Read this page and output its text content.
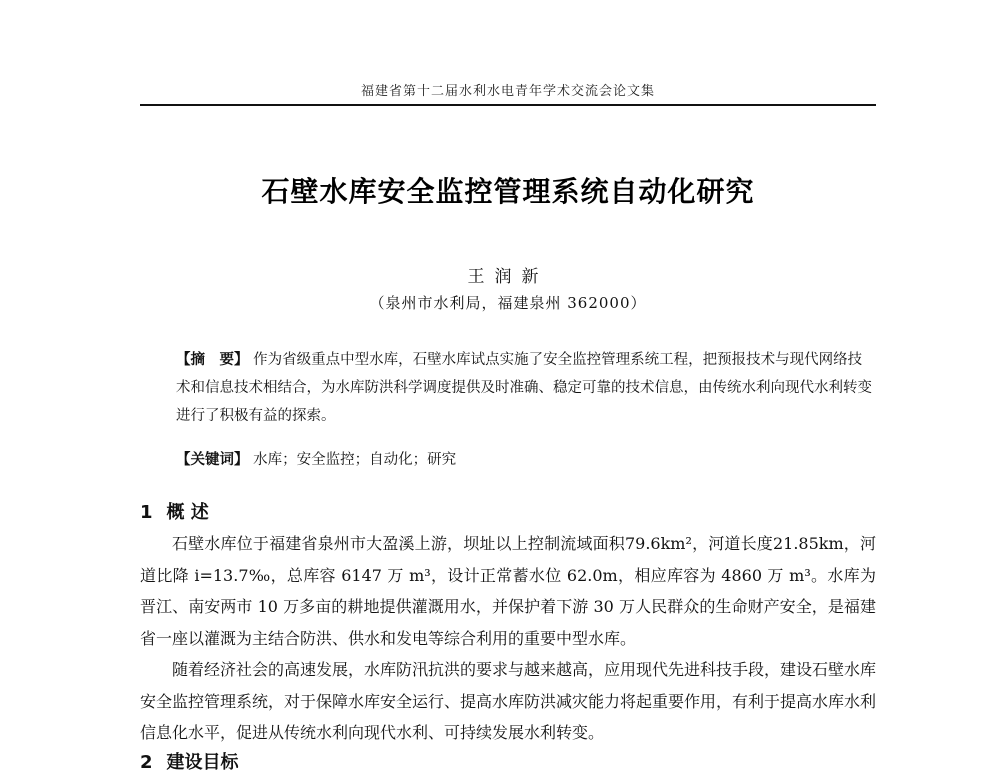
福建省第十二届水利水电青年学术交流会论文集
石壁水库安全监控管理系统自动化研究
王润新
（泉州市水利局，福建泉州 362000）
【摘　要】 作为省级重点中型水库，石壁水库试点实施了安全监控管理系统工程，把预报技术与现代网络技术和信息技术相结合，为水库防洪科学调度提供及时准确、稳定可靠的技术信息，由传统水利向现代水利转变进行了积极有益的探索。
【关键词】 水库；安全监控；自动化；研究
1 概 述
石壁水库位于福建省泉州市大盈溪上游，坝址以上控制流域面积79.6km²，河道长度21.85km，河道比降 i=13.7‰，总库容 6147 万 m³，设计正常蓄水位 62.0m，相应库容为 4860 万 m³。水库为晋江、南安两市 10 万多亩的耕地提供灌溉用水，并保护着下游 30 万人民群众的生命财产安全，是福建省一座以灌溉为主结合防洪、供水和发电等综合利用的重要中型水库。
随着经济社会的高速发展，水库防汛抗洪的要求与越来越高，应用现代先进科技手段，建设石壁水库安全监控管理系统，对于保障水库安全运行、提高水库防洪减灾能力将起重要作用，有利于提高水库水利信息化水平，促进从传统水利向现代水利、可持续发展水利转变。
2 建设目标
